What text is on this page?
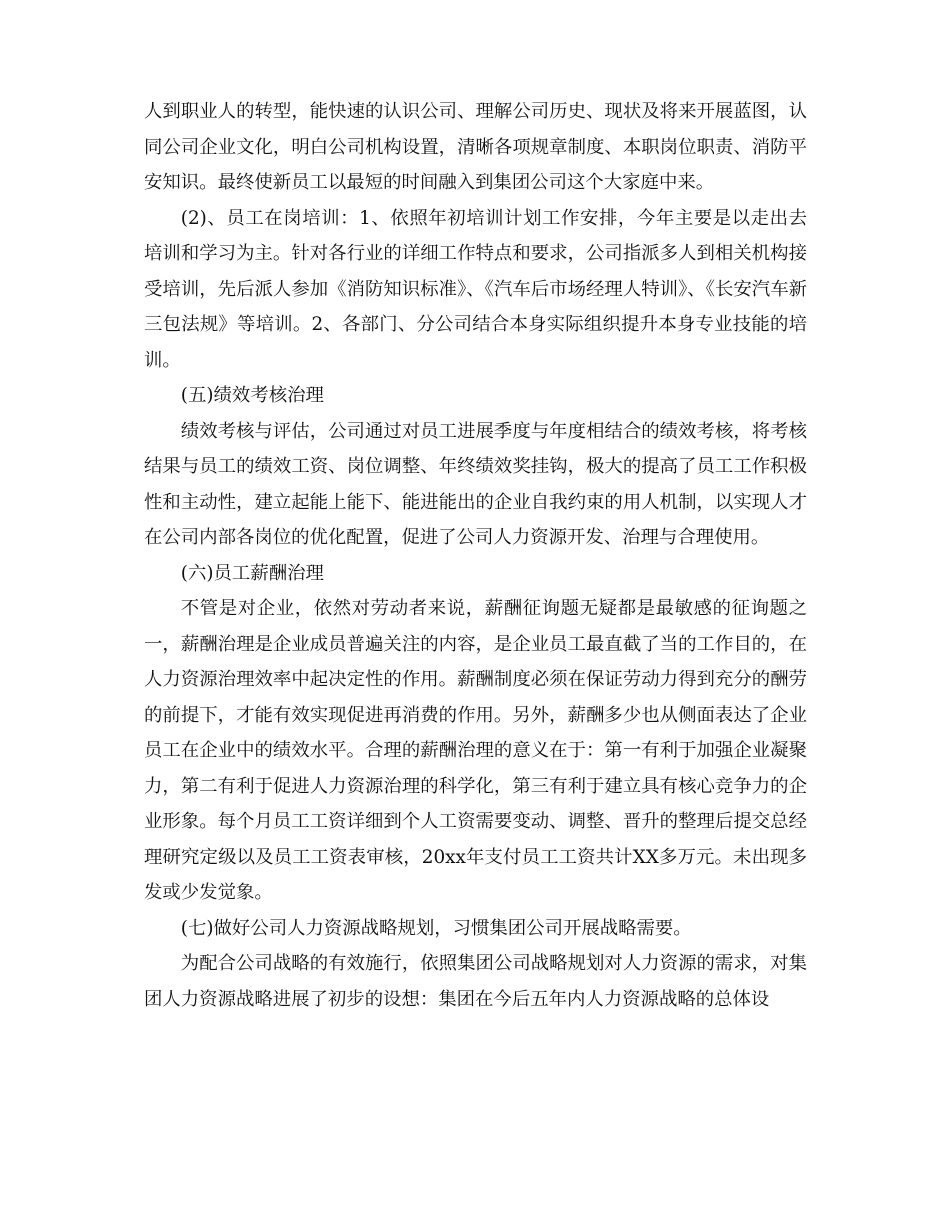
人到职业人的转型，能快速的认识公司、理解公司历史、现状及将来开展蓝图，认同公司企业文化，明白公司机构设置，清晰各项规章制度、本职岗位职责、消防平安知识。最终使新员工以最短的时间融入到集团公司这个大家庭中来。

(2)、员工在岗培训：1、依照年初培训计划工作安排，今年主要是以走出去培训和学习为主。针对各行业的详细工作特点和要求，公司指派多人到相关机构接受培训，先后派人参加《消防知识标准》、《汽车后市场经理人特训》、《长安汽车新三包法规》等培训。2、各部门、分公司结合本身实际组织提升本身专业技能的培训。

(五)绩效考核治理

绩效考核与评估，公司通过对员工进展季度与年度相结合的绩效考核，将考核结果与员工的绩效工资、岗位调整、年终绩效奖挂钩，极大的提高了员工工作积极性和主动性，建立起能上能下、能进能出的企业自我约束的用人机制，以实现人才在公司内部各岗位的优化配置，促进了公司人力资源开发、治理与合理使用。

(六)员工薪酬治理

不管是对企业，依然对劳动者来说，薪酬征询题无疑都是最敏感的征询题之一，薪酬治理是企业成员普遍关注的内容，是企业员工最直截了当的工作目的，在人力资源治理效率中起决定性的作用。薪酬制度必须在保证劳动力得到充分的酬劳的前提下，才能有效实现促进再消费的作用。另外，薪酬多少也从侧面表达了企业员工在企业中的绩效水平。合理的薪酬治理的意义在于：第一有利于加强企业凝聚力，第二有利于促进人力资源治理的科学化，第三有利于建立具有核心竞争力的企业形象。每个月员工工资详细到个人工资需要变动、调整、晋升的整理后提交总经理研究定级以及员工工资表审核，20xx年支付员工工资共计XX多万元。未出现多发或少发觉象。

(七)做好公司人力资源战略规划，习惯集团公司开展战略需要。

为配合公司战略的有效施行，依照集团公司战略规划对人力资源的需求，对集团人力资源战略进展了初步的设想：集团在今后五年内人力资源战略的总体设
